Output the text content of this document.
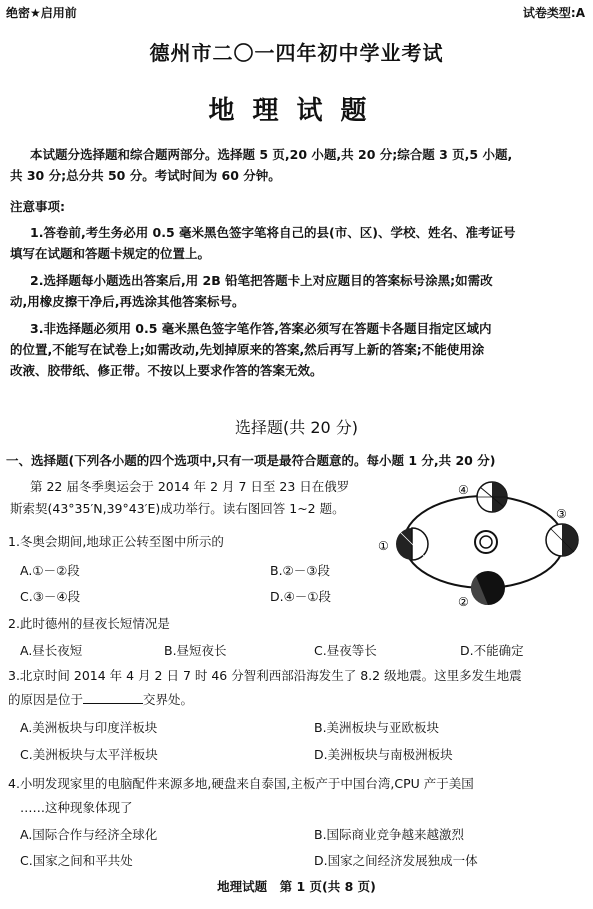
绝密★启用前	试卷类型:A
德州市二〇一四年初中学业考试
地理试题
本试题分选择题和综合题两部分。选择题 5 页,20 小题,共 20 分;综合题 3 页,5 小题,
共 30 分;总分共 50 分。考试时间为 60 分钟。
注意事项:
1.答卷前,考生务必用 0.5 毫米黑色签字笔将自己的县(市、区)、学校、姓名、准考证号
填写在试题和答题卡规定的位置上。
2.选择题每小题选出答案后,用 2B 铅笔把答题卡上对应题目的答案标号涂黑;如需改
动,用橡皮擦干净后,再选涂其他答案标号。
3.非选择题必须用 0.5 毫米黑色签字笔作答,答案必须写在答题卡各题目指定区域内
的位置,不能写在试卷上;如需改动,先划掉原来的答案,然后再写上新的答案;不能使用涂
改液、胶带纸、修正带。不按以上要求作答的答案无效。
选择题(共 20 分)
一、选择题(下列各小题的四个选项中,只有一项是最符合题意的。每小题 1 分,共 20 分)
第 22 届冬季奥运会于 2014 年 2 月 7 日至 23 日在俄罗
斯索契(43°35′N,39°43′E)成功举行。读右图回答 1~2 题。
④
①
③
②
1.冬奥会期间,地球正公转至图中所示的
A.①－②段	B.②－③段
C.③－④段	D.④－①段
2.此时德州的昼夜长短情况是
A.昼长夜短	B.昼短夜长	C.昼夜等长	D.不能确定
3.北京时间 2014 年 4 月 2 日 7 时 46 分智利西部沿海发生了 8.2 级地震。这里多发生地震
的原因是位于	交界处。
A.美洲板块与印度洋板块	B.美洲板块与亚欧板块
C.美洲板块与太平洋板块	D.美洲板块与南极洲板块
4.小明发现家里的电脑配件来源多地,硬盘来自泰国,主板产于中国台湾,CPU 产于美国
……这种现象体现了
A.国际合作与经济全球化	B.国际商业竞争越来越激烈
C.国家之间和平共处	D.国家之间经济发展独成一体
地理试题　第 1 页(共 8 页)
